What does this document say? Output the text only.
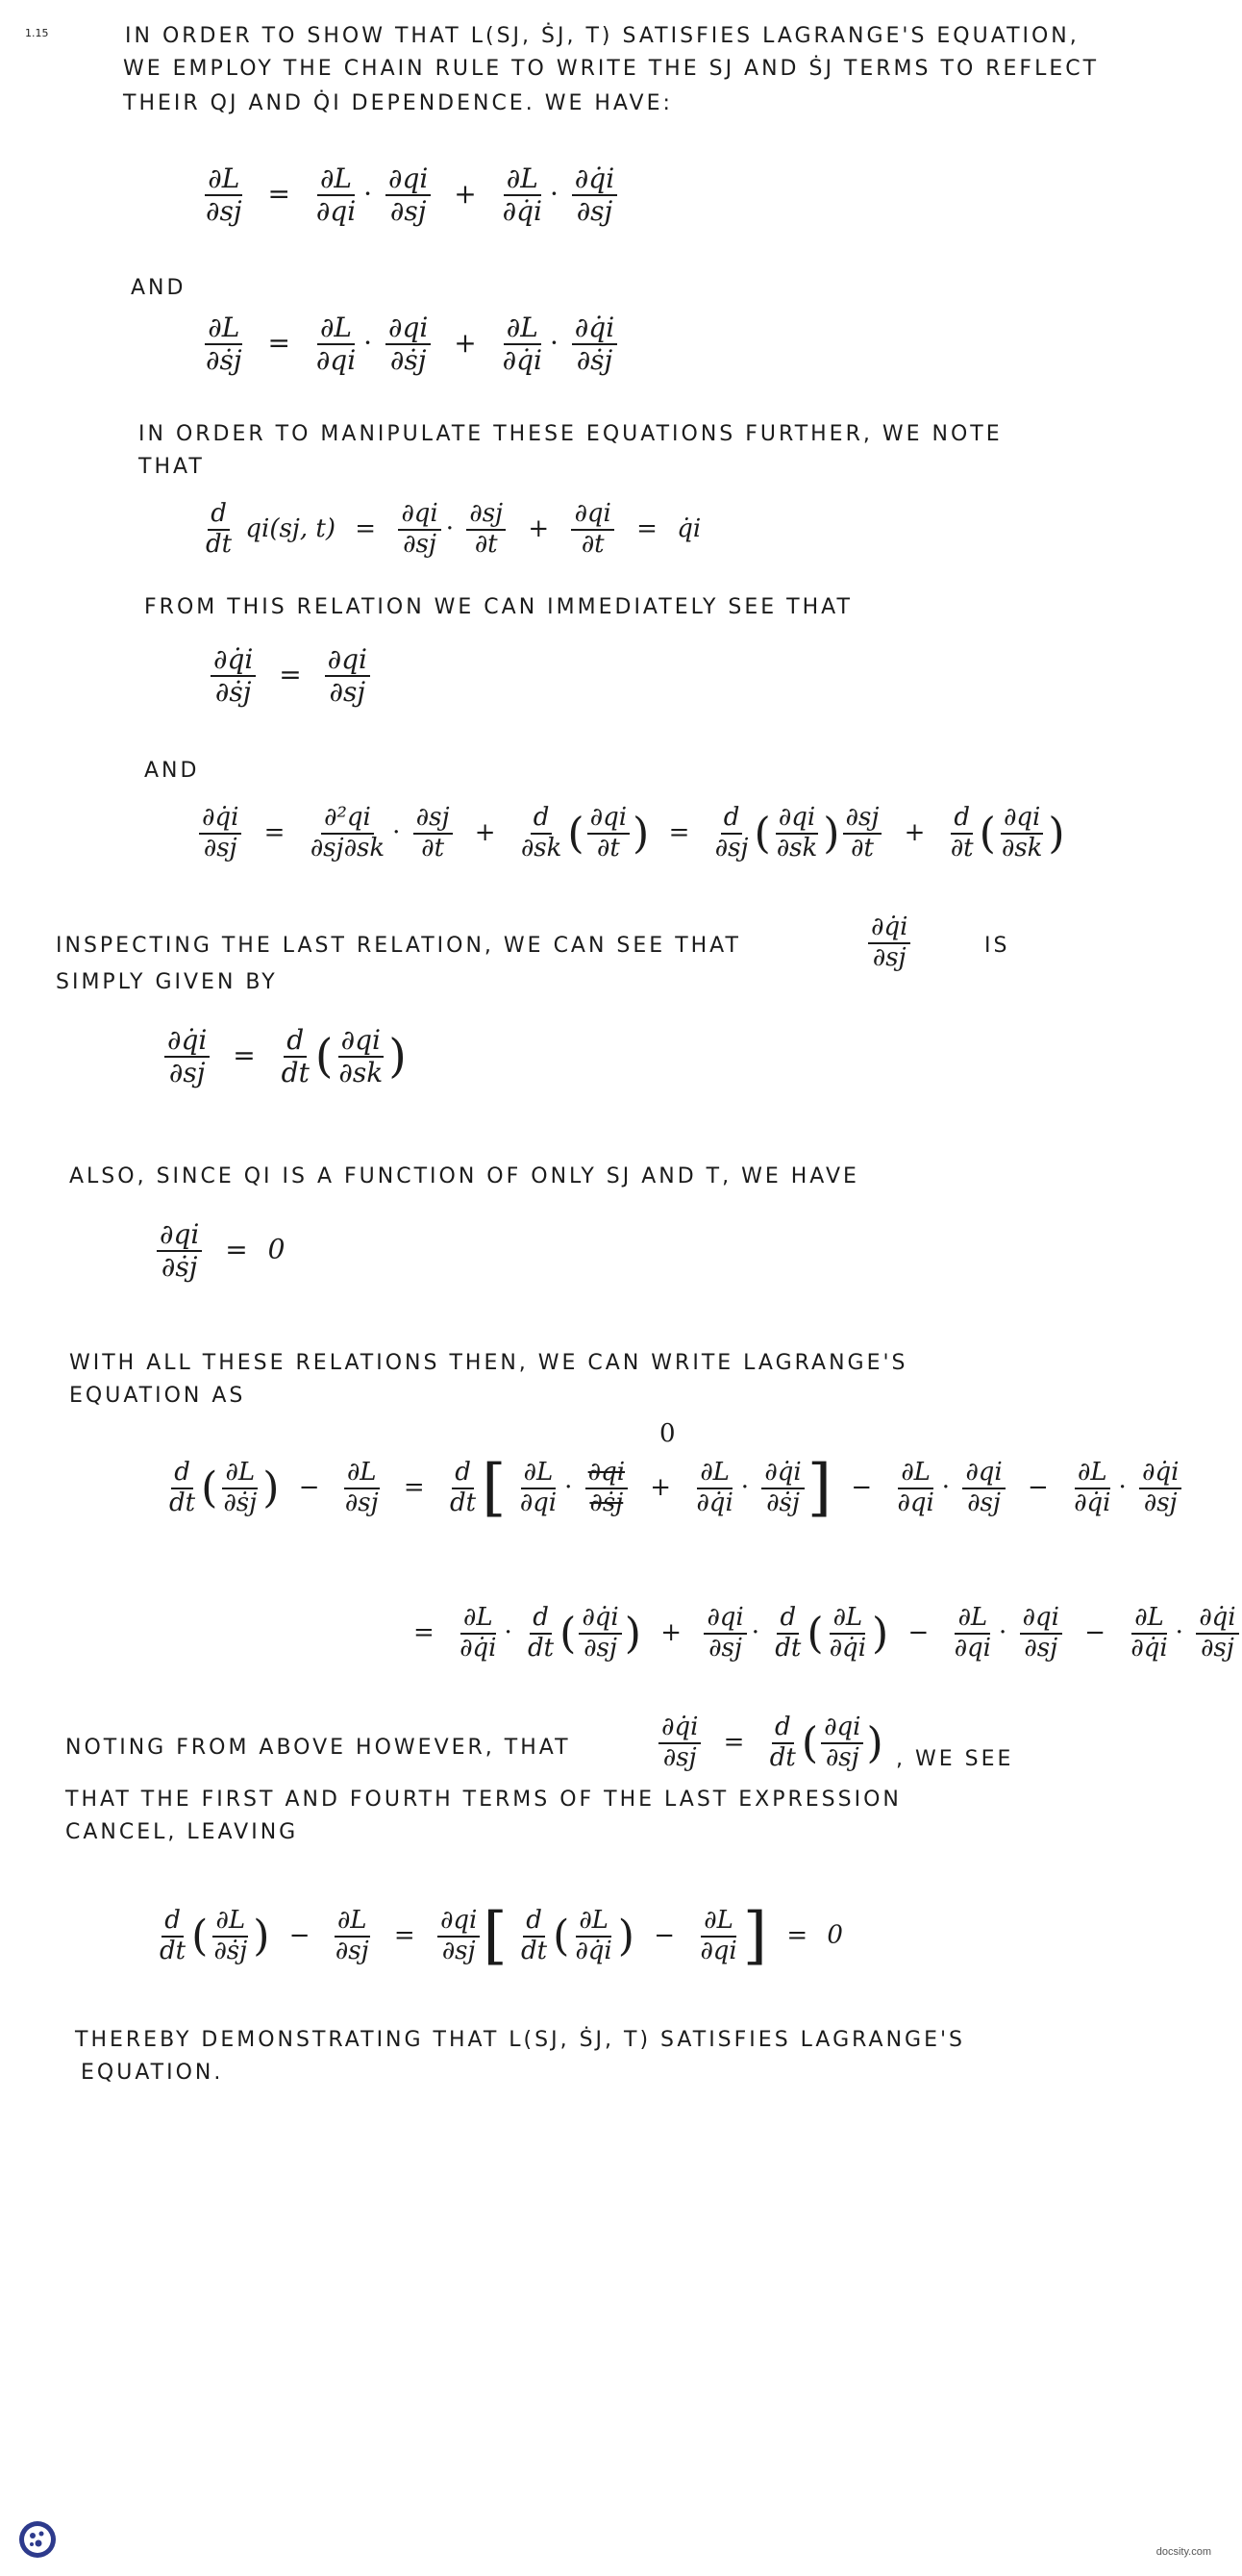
1.15	IN ORDER TO SHOW THAT L(SJ, ṠJ, T) SATISFIES LAGRANGE'S EQUATION,
WE EMPLOY THE CHAIN RULE TO WRITE THE SJ AND ṠJ TERMS TO REFLECT
THEIR QJ AND Q̇I DEPENDENCE. WE HAVE:
$\frac{\partial L}{\partial sj} = \frac{\partial L}{\partial qi} \cdot \frac{\partial qi}{\partial sj} + \frac{\partial L}{\partial q̇i} \cdot \frac{\partial q̇i}{\partial sj}$
AND
$\frac{\partial L}{\text{∂ṡj}} = \frac{\partial L}{\partial qi} \cdot \frac{\partial qi}{\text{∂ṡj}} + \frac{\partial L}{\partial q̇i} \cdot \frac{\partial q̇i}{\text{∂ṡj}}$
IN ORDER TO MANIPULATE THESE EQUATIONS FURTHER, WE NOTE
THAT
$\frac{d}{dt} qi(sj$, $t) = \frac{\partial qi}{\partial sj} \cdot \frac{\partial sj}{\partial t} + \frac{\partial qi}{\partial t}$ = q̇i
FROM THIS RELATION WE CAN IMMEDIATELY SEE THAT
$\frac{\partial q̇i}{\text{∂ṡj}} = \frac{\partial qi}{\partial sj}$
AND
$\frac{\partial q̇i}{\partial sj} = \frac{\text{∂²qi}}{\partial sj\partial sk} \cdot \frac{\partial sj}{\partial t} + \frac{d}{\partial sk}$ ( $\frac{\partial qi}{\partial t}$ ) = $\frac{d}{\partial sj}$ ( $\frac{\partial qi}{\partial sk}$ ) $\frac{\partial sj}{\partial t} + \frac{d}{\partial t}$ ( $\frac{\partial qi}{\partial sk}$ )
INSPECTING THE LAST RELATION, WE CAN SEE THAT	$\frac{\partial q̇i}{\partial sj}$	IS
SIMPLY GIVEN BY
$\frac{\partial q̇i}{\partial sj} = \frac{d}{dt}$ ( $\frac{\partial qi}{\partial sk}$ )
ALSO, SINCE QI IS A FUNCTION OF ONLY SJ AND T, WE HAVE
$\frac{\partial qi}{\text{∂ṡj}} = 0$
WITH ALL THESE RELATIONS THEN, WE CAN WRITE LAGRANGE'S
EQUATION AS
$\frac{d}{dt}$ ( $\frac{\partial L}{\text{∂ṡj}}$ ) − $\frac{\partial L}{\partial sj} = \frac{d}{dt}$ [ $\frac{\partial L}{\partial qi} \cdot \frac{\partial qi}{\text{∂ṡj}} + \frac{\partial L}{\partial q̇i} \cdot \frac{\partial q̇i}{\text{∂ṡj}}$ ] − $\frac{\partial L}{\partial qi} \cdot \frac{\partial qi}{\partial sj} - \frac{\partial L}{\partial q̇i} \cdot \frac{\partial q̇i}{\partial sj}$
0
= $\frac{\partial L}{\partial q̇i} \cdot \frac{d}{dt}$ ( $\frac{\partial q̇i}{\partial sj}$ ) + $\frac{\partial qi}{\partial sj} \cdot \frac{d}{dt}$ ( $\frac{\partial L}{\partial q̇i}$ ) − $\frac{\partial L}{\partial qi} \cdot \frac{\partial qi}{\partial sj} - \frac{\partial L}{\partial q̇i} \cdot \frac{\partial q̇i}{\partial sj}$
NOTING FROM ABOVE HOWEVER, THAT	$\frac{\partial q̇i}{\partial sj} = \frac{d}{dt}$ ( $\frac{\partial qi}{\partial sj}$ ) , WE SEE
THAT THE FIRST AND FOURTH TERMS OF THE LAST EXPRESSION
CANCEL, LEAVING
$\frac{d}{dt}$ ( $\frac{\partial L}{\text{∂ṡj}}$ ) − $\frac{\partial L}{\partial sj} = \frac{\partial qi}{\partial sj}$ [ $\frac{d}{dt}$ ( $\frac{\partial L}{\partial q̇i}$ ) − $\frac{\partial L}{\partial qi}$ ] = 0
THEREBY DEMONSTRATING THAT L(SJ, ṠJ, T) SATISFIES LAGRANGE'S
EQUATION.
docsity.com
